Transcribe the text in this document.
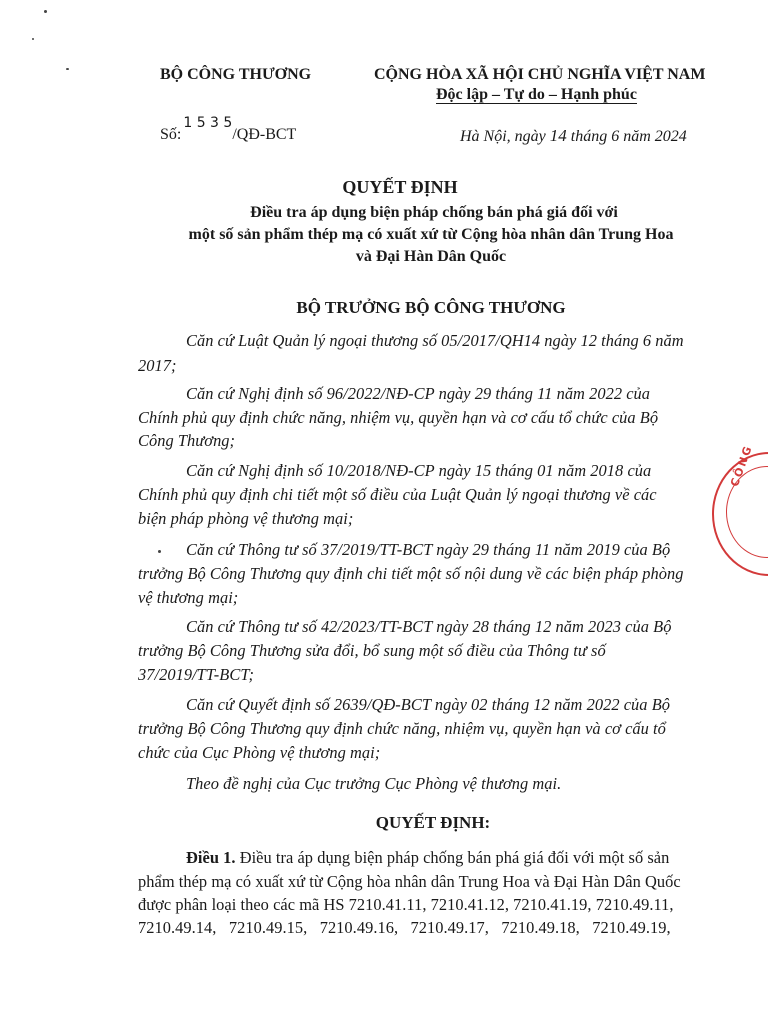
BỘ CÔNG THƯƠNG
Số:1 5 3 5/QĐ-BCT
CỘNG HÒA XÃ HỘI CHỦ NGHĨA VIỆT NAM
Độc lập – Tự do – Hạnh phúc
Hà Nội, ngày 14 tháng 6 năm 2024
QUYẾT ĐỊNH
Điều tra áp dụng biện pháp chống bán phá giá đối với
một số sản phẩm thép mạ có xuất xứ từ Cộng hòa nhân dân Trung Hoa
và Đại Hàn Dân Quốc
BỘ TRƯỞNG BỘ CÔNG THƯƠNG
Căn cứ Luật Quản lý ngoại thương số 05/2017/QH14 ngày 12 tháng 6 năm
2017;
Căn cứ Nghị định số 96/2022/NĐ-CP ngày 29 tháng 11 năm 2022 của
Chính phủ quy định chức năng, nhiệm vụ, quyền hạn và cơ cấu tổ chức của Bộ
Công Thương;
Căn cứ Nghị định số 10/2018/NĐ-CP ngày 15 tháng 01 năm 2018 của
Chính phủ quy định chi tiết một số điều của Luật Quản lý ngoại thương về các
biện pháp phòng vệ thương mại;
Căn cứ Thông tư số 37/2019/TT-BCT ngày 29 tháng 11 năm 2019 của Bộ
trưởng Bộ Công Thương quy định chi tiết một số nội dung về các biện pháp phòng
vệ thương mại;
Căn cứ Thông tư số 42/2023/TT-BCT ngày 28 tháng 12 năm 2023 của Bộ
trưởng Bộ Công Thương sửa đổi, bổ sung một số điều của Thông tư số
37/2019/TT-BCT;
Căn cứ Quyết định số 2639/QĐ-BCT ngày 02 tháng 12 năm 2022 của Bộ
trưởng Bộ Công Thương quy định chức năng, nhiệm vụ, quyền hạn và cơ cấu tổ
chức của Cục Phòng vệ thương mại;
Theo đề nghị của Cục trưởng Cục Phòng vệ thương mại.
QUYẾT ĐỊNH:
Điều 1. Điều tra áp dụng biện pháp chống bán phá giá đối với một số sản
phẩm thép mạ có xuất xứ từ Cộng hòa nhân dân Trung Hoa và Đại Hàn Dân Quốc
được phân loại theo các mã HS 7210.41.11, 7210.41.12, 7210.41.19, 7210.49.11,
7210.49.14,   7210.49.15,   7210.49.16,   7210.49.17,   7210.49.18,   7210.49.19,
CÔNG
